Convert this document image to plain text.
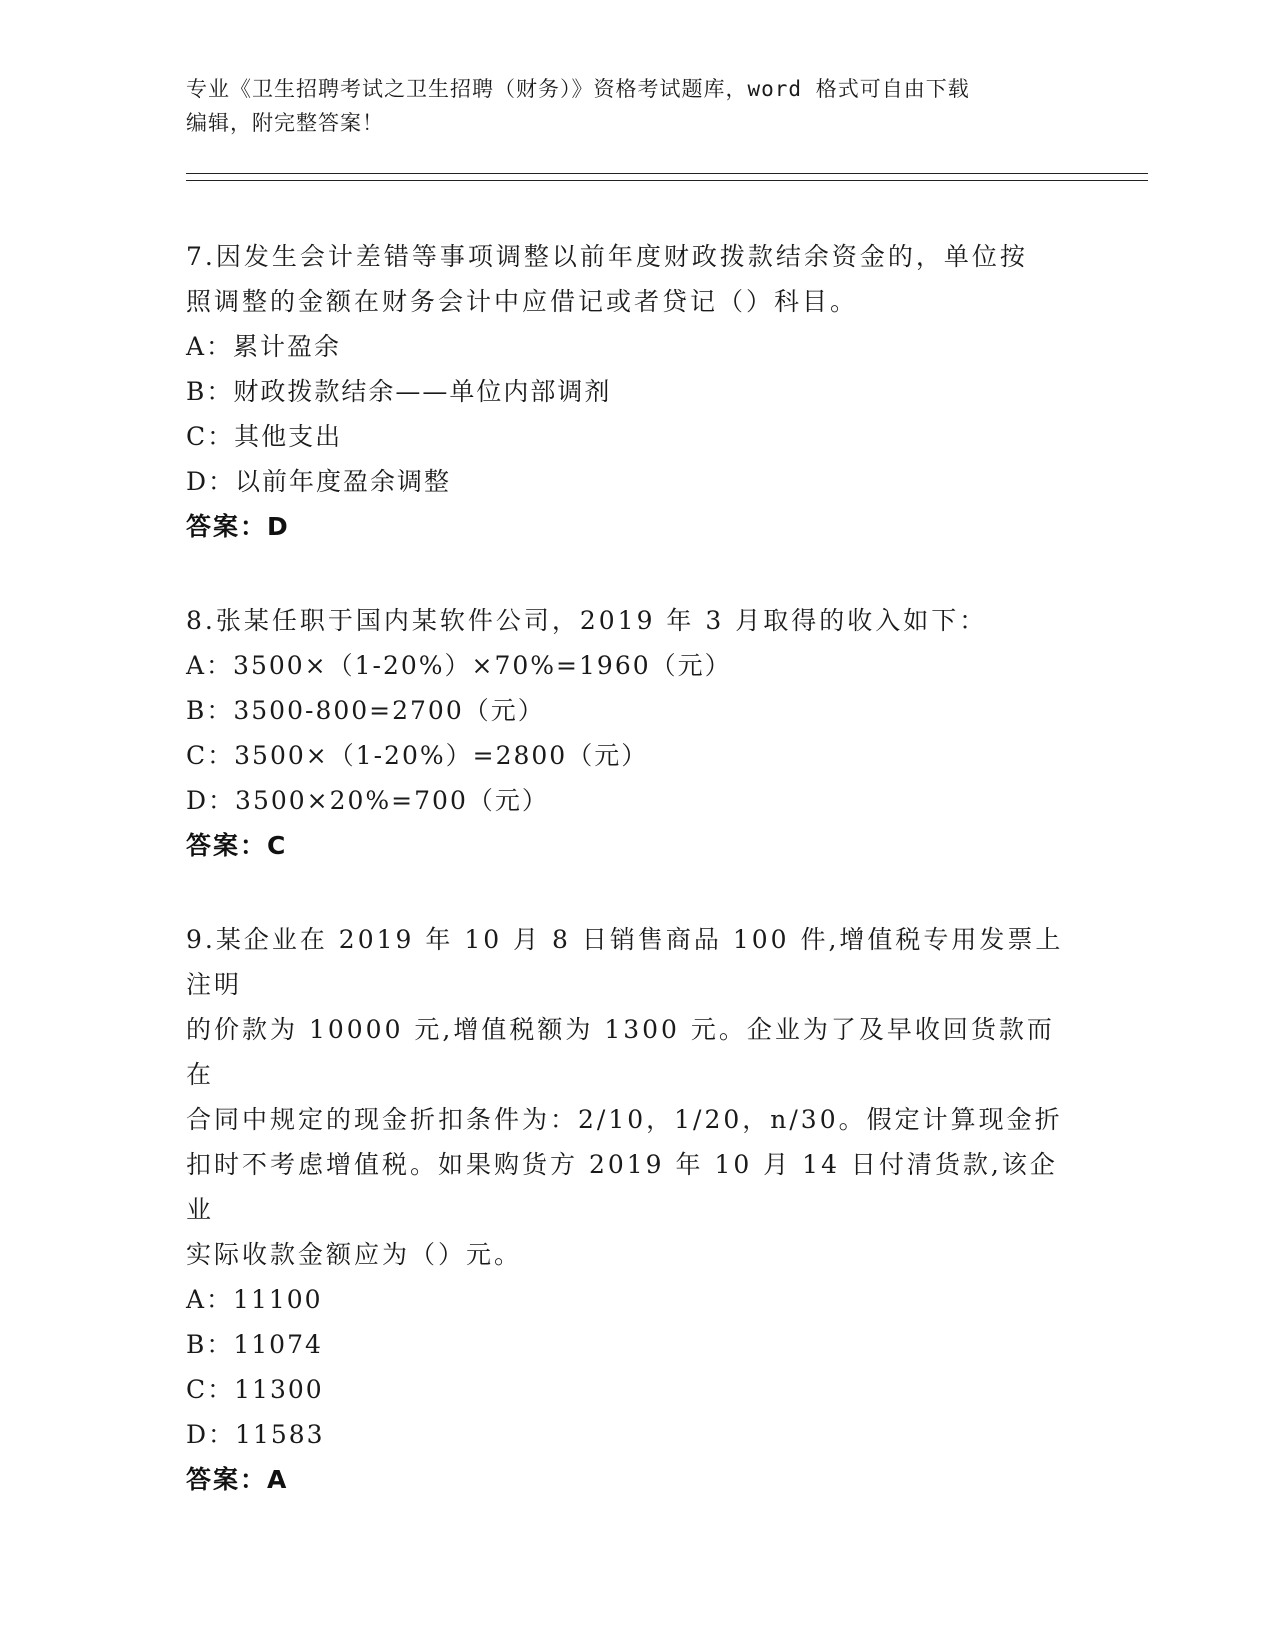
专业《卫生招聘考试之卫生招聘（财务）》资格考试题库，word 格式可自由下载
编辑，附完整答案！

7.因发生会计差错等事项调整以前年度财政拨款结余资金的，单位按

照调整的金额在财务会计中应借记或者贷记（）科目。

A：累计盈余

B：财政拨款结余——单位内部调剂

C：其他支出

D：以前年度盈余调整

答案：D

8.张某任职于国内某软件公司，2019 年 3 月取得的收入如下：

A：3500×（1-20%）×70%=1960（元）

B：3500-800=2700（元）

C：3500×（1-20%）=2800（元）

D：3500×20%=700（元）

答案：C

9.某企业在 2019 年 10 月 8 日销售商品 100 件,增值税专用发票上注明

的价款为 10000 元,增值税额为 1300 元。企业为了及早收回货款而在

合同中规定的现金折扣条件为：2/10，1/20，n/30。假定计算现金折

扣时不考虑增值税。如果购货方 2019 年 10 月 14 日付清货款,该企业

实际收款金额应为（）元。

A：11100

B：11074

C：11300

D：11583

答案：A
